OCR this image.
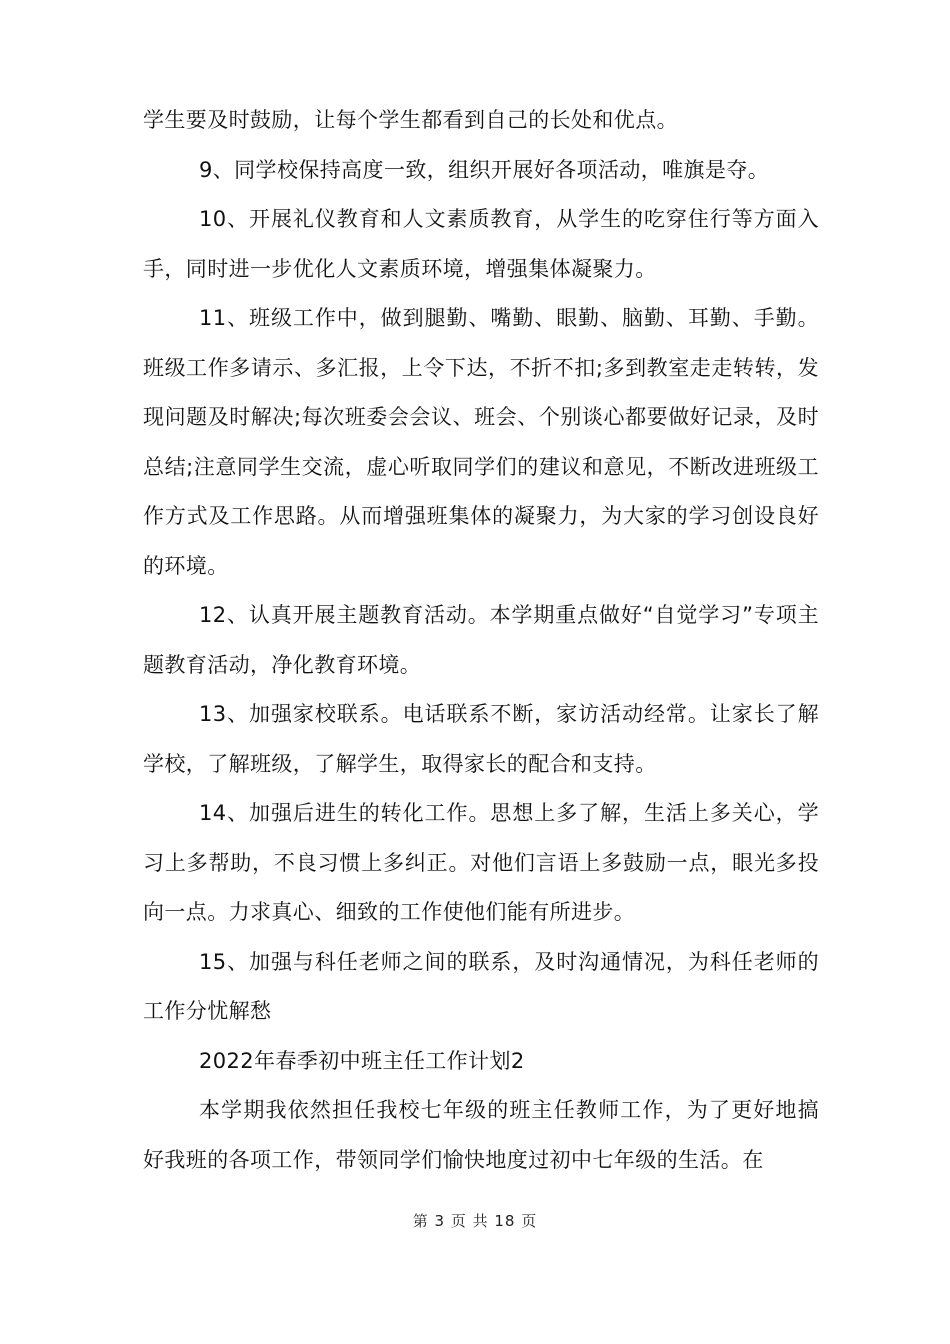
学生要及时鼓励，让每个学生都看到自己的长处和优点。

9、同学校保持高度一致，组织开展好各项活动，唯旗是夺。

10、开展礼仪教育和人文素质教育，从学生的吃穿住行等方面入手，同时进一步优化人文素质环境，增强集体凝聚力。

11、班级工作中，做到腿勤、嘴勤、眼勤、脑勤、耳勤、手勤。班级工作多请示、多汇报，上令下达，不折不扣;多到教室走走转转，发现问题及时解决;每次班委会会议、班会、个别谈心都要做好记录，及时总结;注意同学生交流，虚心听取同学们的建议和意见，不断改进班级工作方式及工作思路。从而增强班集体的凝聚力，为大家的学习创设良好的环境。

12、认真开展主题教育活动。本学期重点做好“自觉学习”专项主题教育活动，净化教育环境。

13、加强家校联系。电话联系不断，家访活动经常。让家长了解学校，了解班级，了解学生，取得家长的配合和支持。

14、加强后进生的转化工作。思想上多了解，生活上多关心，学习上多帮助，不良习惯上多纠正。对他们言语上多鼓励一点，眼光多投向一点。力求真心、细致的工作使他们能有所进步。

15、加强与科任老师之间的联系，及时沟通情况，为科任老师的工作分忧解愁

2022年春季初中班主任工作计划2

本学期我依然担任我校七年级的班主任教师工作，为了更好地搞好我班的各项工作，带领同学们愉快地度过初中七年级的生活。在

第 3 页 共 18 页
